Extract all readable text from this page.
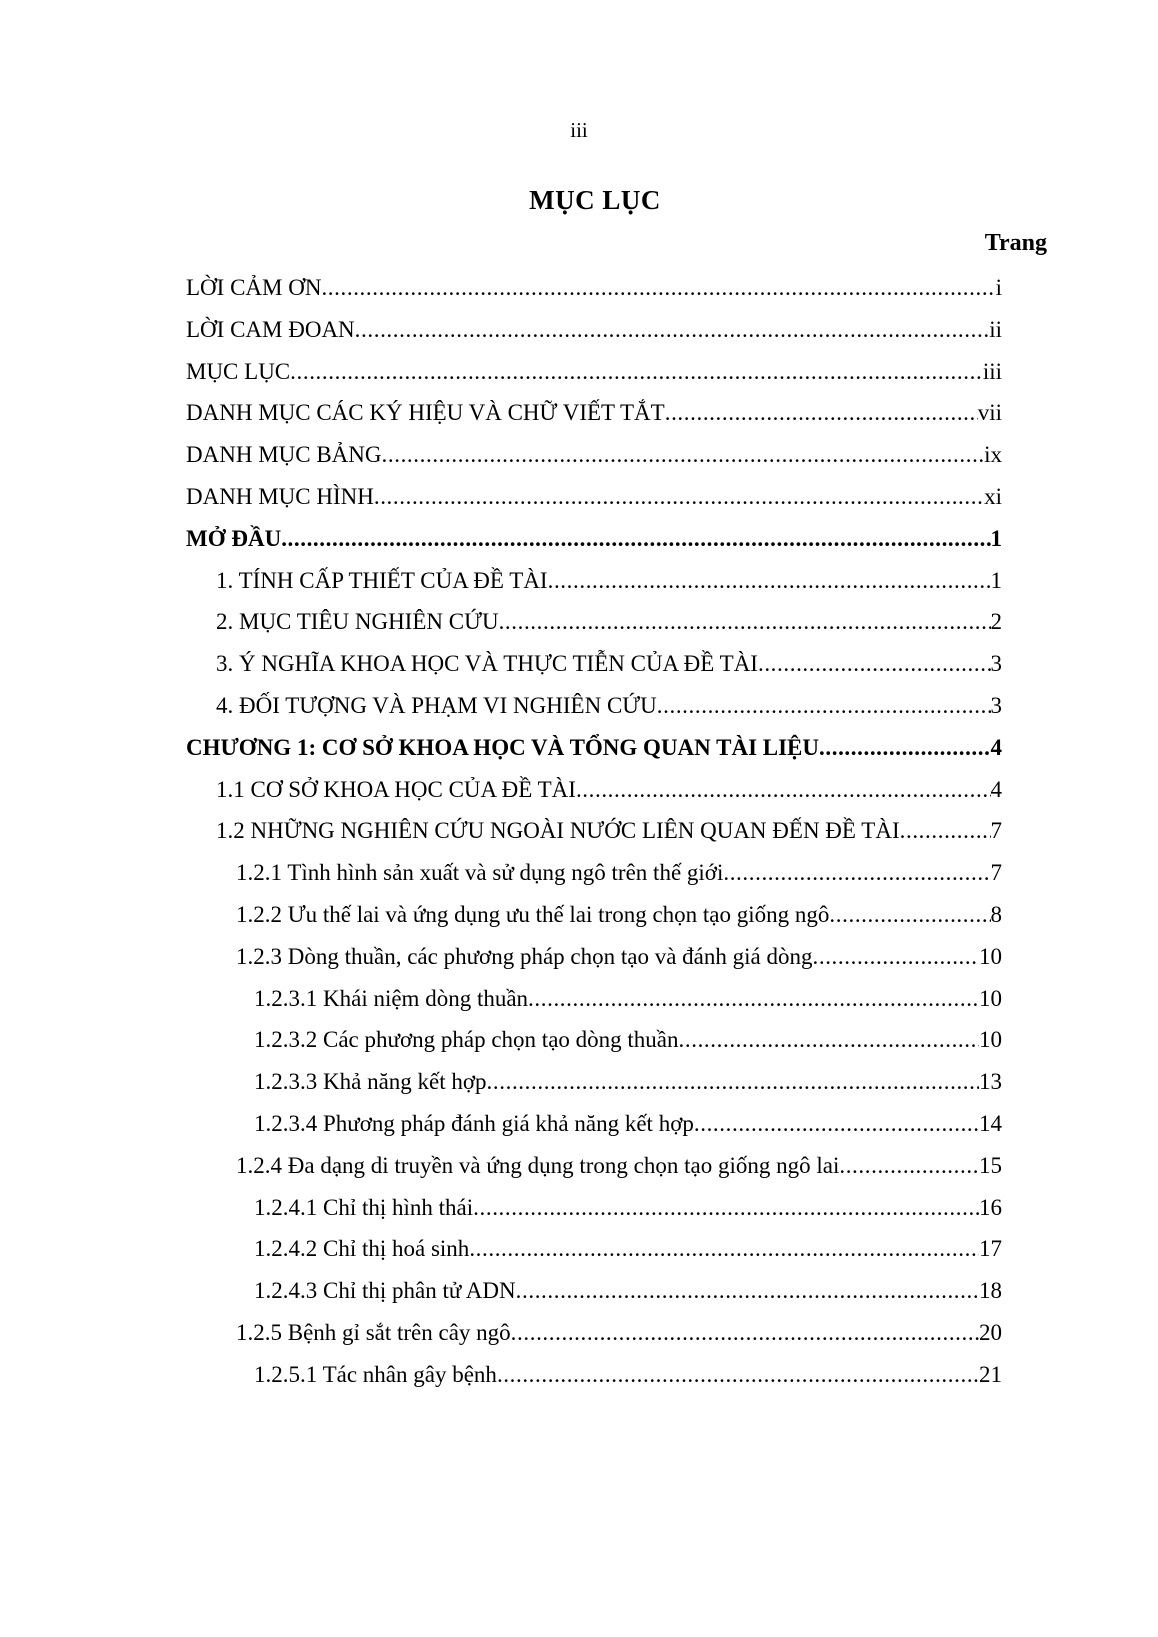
iii
MỤC LỤC
Trang
LỜI CẢM ƠN .....	i
LỜI CAM ĐOAN .....	ii
MỤC LỤC .....	iii
DANH MỤC CÁC KÝ HIỆU VÀ CHỮ VIẾT TẮT .....	vii
DANH MỤC BẢNG .....	ix
DANH MỤC HÌNH .....	xi
MỞ ĐẦU .....	1
1. TÍNH CẤP THIẾT CỦA ĐỀ TÀI .....	1
2. MỤC TIÊU NGHIÊN CỨU .....	2
3. Ý NGHĨA KHOA HỌC VÀ THỰC TIỄN CỦA ĐỀ TÀI .....	3
4. ĐỐI TƯỢNG VÀ PHẠM VI NGHIÊN CỨU .....	3
CHƯƠNG 1: CƠ SỞ KHOA HỌC VÀ TỔNG QUAN TÀI LIỆU .....	4
1.1 CƠ SỞ KHOA HỌC CỦA ĐỀ TÀI .....	4
1.2 NHỮNG NGHIÊN CỨU NGOÀI NƯỚC LIÊN QUAN ĐẾN ĐỀ TÀI .....	7
1.2.1 Tình hình sản xuất và sử dụng ngô trên thế giới .....	7
1.2.2 Ưu thế lai và ứng dụng ưu thế lai trong chọn tạo giống ngô .....	8
1.2.3 Dòng thuần, các phương pháp chọn tạo và đánh giá dòng .....	10
1.2.3.1 Khái niệm dòng thuần .....	10
1.2.3.2 Các phương pháp chọn tạo dòng thuần .....	10
1.2.3.3 Khả năng kết hợp .....	13
1.2.3.4 Phương pháp đánh giá khả năng kết hợp .....	14
1.2.4 Đa dạng di truyền và ứng dụng trong chọn tạo giống ngô lai .....	15
1.2.4.1 Chỉ thị hình thái .....	16
1.2.4.2 Chỉ thị hoá sinh .....	17
1.2.4.3 Chỉ thị phân tử ADN .....	18
1.2.5 Bệnh gỉ sắt trên cây ngô .....	20
1.2.5.1 Tác nhân gây bệnh .....	21
